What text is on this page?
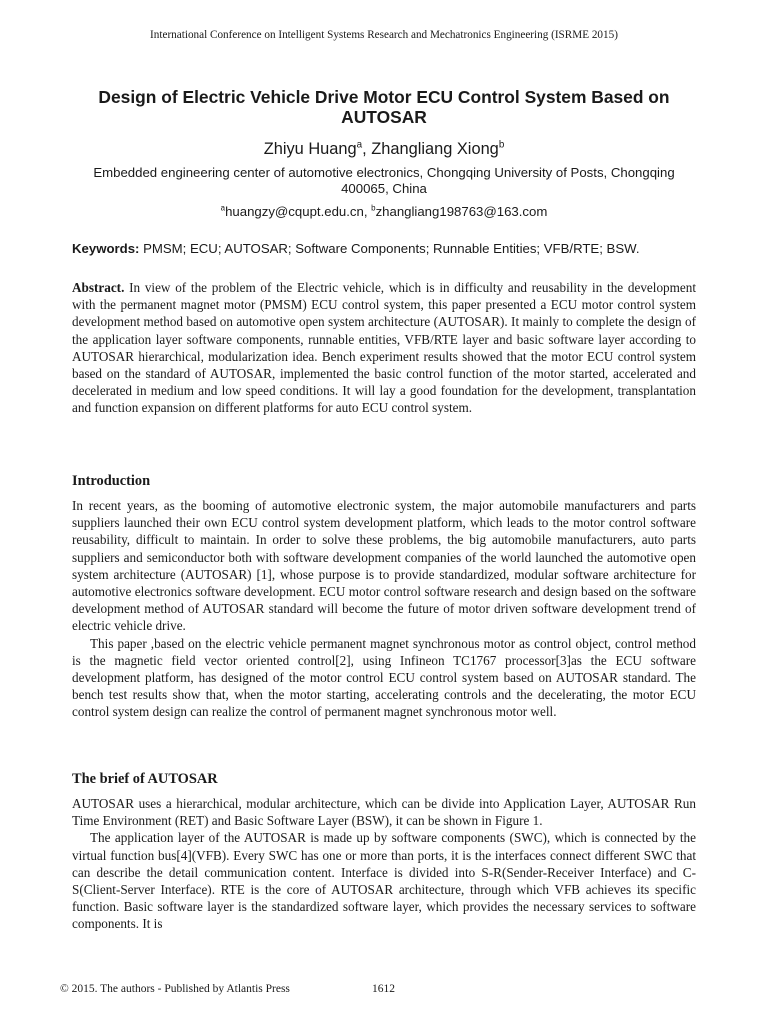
International Conference on Intelligent Systems Research and Mechatronics Engineering (ISRME 2015)
Design of Electric Vehicle Drive Motor ECU Control System Based on
AUTOSAR
Zhiyu Huang$^a$, Zhangliang Xiong$^b$
Embedded engineering center of automotive electronics, Chongqing University of Posts, Chongqing 400065, China
$^a$huangzy@cqupt.edu.cn, $^b$zhangliang198763@163.com
Keywords: PMSM; ECU; AUTOSAR; Software Components; Runnable Entities; VFB/RTE; BSW.

Abstract. In view of the problem of the Electric vehicle, which is in difficulty and reusability in the development with the permanent magnet motor (PMSM) ECU control system, this paper presented a ECU motor control system development method based on automotive open system architecture (AUTOSAR). It mainly to complete the design of the application layer software components, runnable entities, VFB/RTE layer and basic software layer according to AUTOSAR hierarchical, modularization idea. Bench experiment results showed that the motor ECU control system based on the standard of AUTOSAR, implemented the basic control function of the motor started, accelerated and decelerated in medium and low speed conditions. It will lay a good foundation for the development, transplantation and function expansion on different platforms for auto ECU control system.

Introduction

In recent years, as the booming of automotive electronic system, the major automobile manufacturers and parts suppliers launched their own ECU control system development platform, which leads to the motor control software reusability, difficult to maintain. In order to solve these problems, the big automobile manufacturers, auto parts suppliers and semiconductor both with software development companies of the world launched the automotive open system architecture (AUTOSAR) [1], whose purpose is to provide standardized, modular software architecture for automotive electronics software development. ECU motor control software research and design based on the software development method of AUTOSAR standard will become the future of motor driven software development trend of electric vehicle drive.

This paper ,based on the electric vehicle permanent magnet synchronous motor as control object, control method is the magnetic field vector oriented control[2], using Infineon TC1767 processor[3]as the ECU software development platform, has designed of the motor control ECU control system based on AUTOSAR standard. The bench test results show that, when the motor starting, accelerating controls and the decelerating, the motor ECU control system design can realize the control of permanent magnet synchronous motor well.

The brief of AUTOSAR

AUTOSAR uses a hierarchical, modular architecture, which can be divide into Application Layer, AUTOSAR Run Time Environment (RET) and Basic Software Layer (BSW), it can be shown in Figure 1.

The application layer of the AUTOSAR is made up by software components (SWC), which is connected by the virtual function bus[4](VFB). Every SWC has one or more than ports, it is the interfaces connect different SWC that can describe the detail communication content. Interface is divided into S-R(Sender-Receiver Interface) and C-S(Client-Server Interface). RTE is the core of AUTOSAR architecture, through which VFB achieves its specific function. Basic software layer is the standardized software layer, which provides the necessary services to software components. It is

© 2015. The authors - Published by Atlantis Press	1612
